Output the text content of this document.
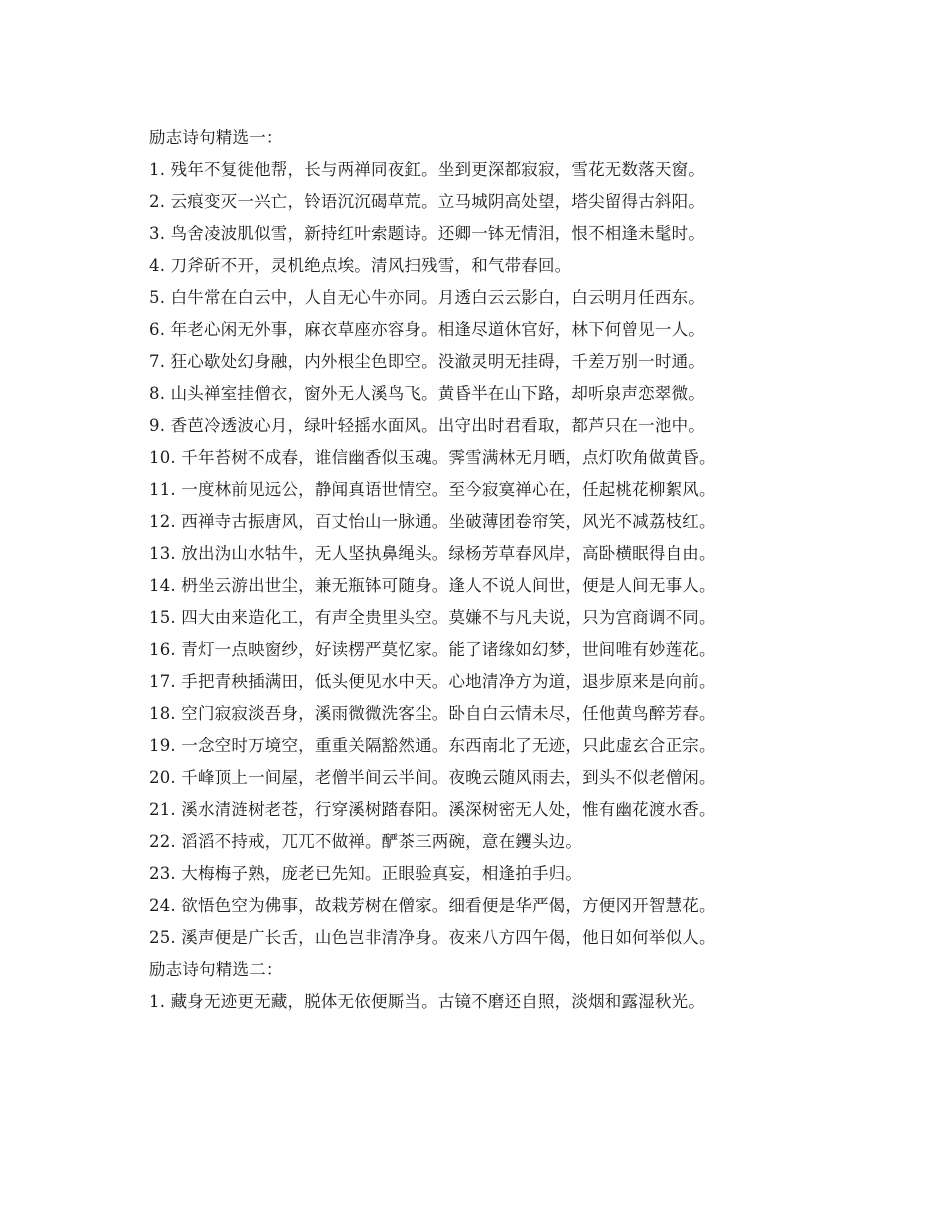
励志诗句精选一：
1. 残年不复徙他帮，长与两禅同夜釭。坐到更深都寂寂，雪花无数落天窗。
2. 云痕变灭一兴亡，铃语沉沉碣草荒。立马城阴高处望，塔尖留得古斜阳。
3. 鸟舍凌波肌似雪，新持红叶索题诗。还卿一钵无情泪，恨不相逢未髦时。
4. 刀斧斫不开，灵机绝点埃。清风扫残雪，和气带春回。
5. 白牛常在白云中，人自无心牛亦同。月透白云云影白，白云明月任西东。
6. 年老心闲无外事，麻衣草座亦容身。相逢尽道休官好，林下何曾见一人。
7. 狂心歇处幻身融，内外根尘色即空。没澈灵明无挂碍，千差万别一时通。
8. 山头禅室挂僧衣，窗外无人溪鸟飞。黄昏半在山下路，却听泉声恋翠微。
9. 香芭冷透波心月，绿叶轻摇水面风。出守出时君看取，都芦只在一池中。
10. 千年苔树不成春，谁信幽香似玉魂。霁雪满林无月晒，点灯吹角做黄昏。
11. 一度林前见远公，静闻真语世情空。至今寂寞禅心在，任起桃花柳絮风。
12. 西禅寺古振唐风，百丈怡山一脉通。坐破薄团卷帘笑，风光不减荔枝红。
13. 放出沩山水牯牛，无人坚执鼻绳头。绿杨芳草春风岸，高卧横眠得自由。
14. 枬坐云游出世尘，兼无瓶钵可随身。逢人不说人间世，便是人间无事人。
15. 四大由来造化工，有声全贵里头空。莫嫌不与凡夫说，只为宫商调不同。
16. 青灯一点映窗纱，好读楞严莫忆家。能了诸缘如幻梦，世间唯有妙莲花。
17. 手把青秧插满田，低头便见水中天。心地清净方为道，退步原来是向前。
18. 空门寂寂淡吾身，溪雨微微洗客尘。卧自白云情未尽，任他黄鸟醉芳春。
19. 一念空时万境空，重重关隔豁然通。东西南北了无迹，只此虚玄合正宗。
20. 千峰顶上一间屋，老僧半间云半间。夜晚云随风雨去，到头不似老僧闲。
21. 溪水清涟树老苍，行穿溪树踏春阳。溪深树密无人处，惟有幽花渡水香。
22. 滔滔不持戒，兀兀不做禅。酽茶三两碗，意在钁头边。
23. 大梅梅子熟，庞老已先知。正眼验真妄，相逢拍手归。
24. 欲悟色空为佛事，故栽芳树在僧家。细看便是华严偈，方便冈开智慧花。
25. 溪声便是广长舌，山色岂非清净身。夜来八方四午偈，他日如何举似人。
励志诗句精选二：
1. 藏身无迹更无藏，脱体无依便厮当。古镜不磨还自照，淡烟和露湿秋光。
